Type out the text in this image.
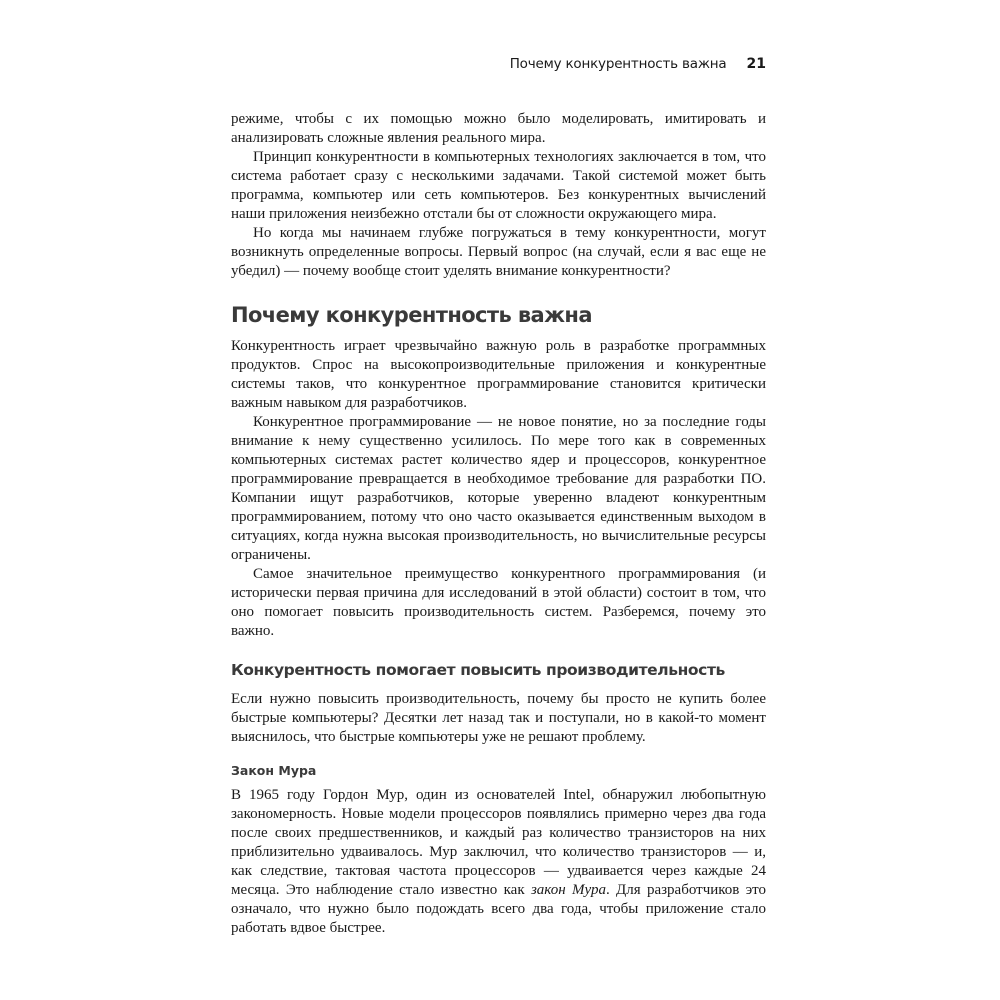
Почему конкурентность важна 21

режиме, чтобы с их помощью можно было моделировать, имитировать и анализировать сложные явления реального мира.

Принцип конкурентности в компьютерных технологиях заключается в том, что система работает сразу с несколькими задачами. Такой системой может быть программа, компьютер или сеть компьютеров. Без конкурентных вычислений наши приложения неизбежно отстали бы от сложности окружающего мира.

Но когда мы начинаем глубже погружаться в тему конкурентности, могут возникнуть определенные вопросы. Первый вопрос (на случай, если я вас еще не убедил) — почему вообще стоит уделять внимание конкурентности?

Почему конкурентность важна

Конкурентность играет чрезвычайно важную роль в разработке программных продуктов. Спрос на высокопроизводительные приложения и конкурентные системы таков, что конкурентное программирование становится критически важным навыком для разработчиков.

Конкурентное программирование — не новое понятие, но за последние годы внимание к нему существенно усилилось. По мере того как в современных компьютерных системах растет количество ядер и процессоров, конкурентное программирование превращается в необходимое требование для разработки ПО. Компании ищут разработчиков, которые уверенно владеют конкурентным программированием, потому что оно часто оказывается единственным выходом в ситуациях, когда нужна высокая производительность, но вычислительные ресурсы ограничены.

Самое значительное преимущество конкурентного программирования (и исторически первая причина для исследований в этой области) состоит в том, что оно помогает повысить производительность систем. Разберемся, почему это важно.

Конкурентность помогает повысить производительность

Если нужно повысить производительность, почему бы просто не купить более быстрые компьютеры? Десятки лет назад так и поступали, но в какой-то момент выяснилось, что быстрые компьютеры уже не решают проблему.

Закон Мура

В 1965 году Гордон Мур, один из основателей Intel, обнаружил любопытную закономерность. Новые модели процессоров появлялись примерно через два года после своих предшественников, и каждый раз количество транзисторов на них приблизительно удваивалось. Мур заключил, что количество транзисторов — и, как следствие, тактовая частота процессоров — удваивается через каждые 24 месяца. Это наблюдение стало известно как закон Мура. Для разработчиков это означало, что нужно было подождать всего два года, чтобы приложение стало работать вдвое быстрее.
